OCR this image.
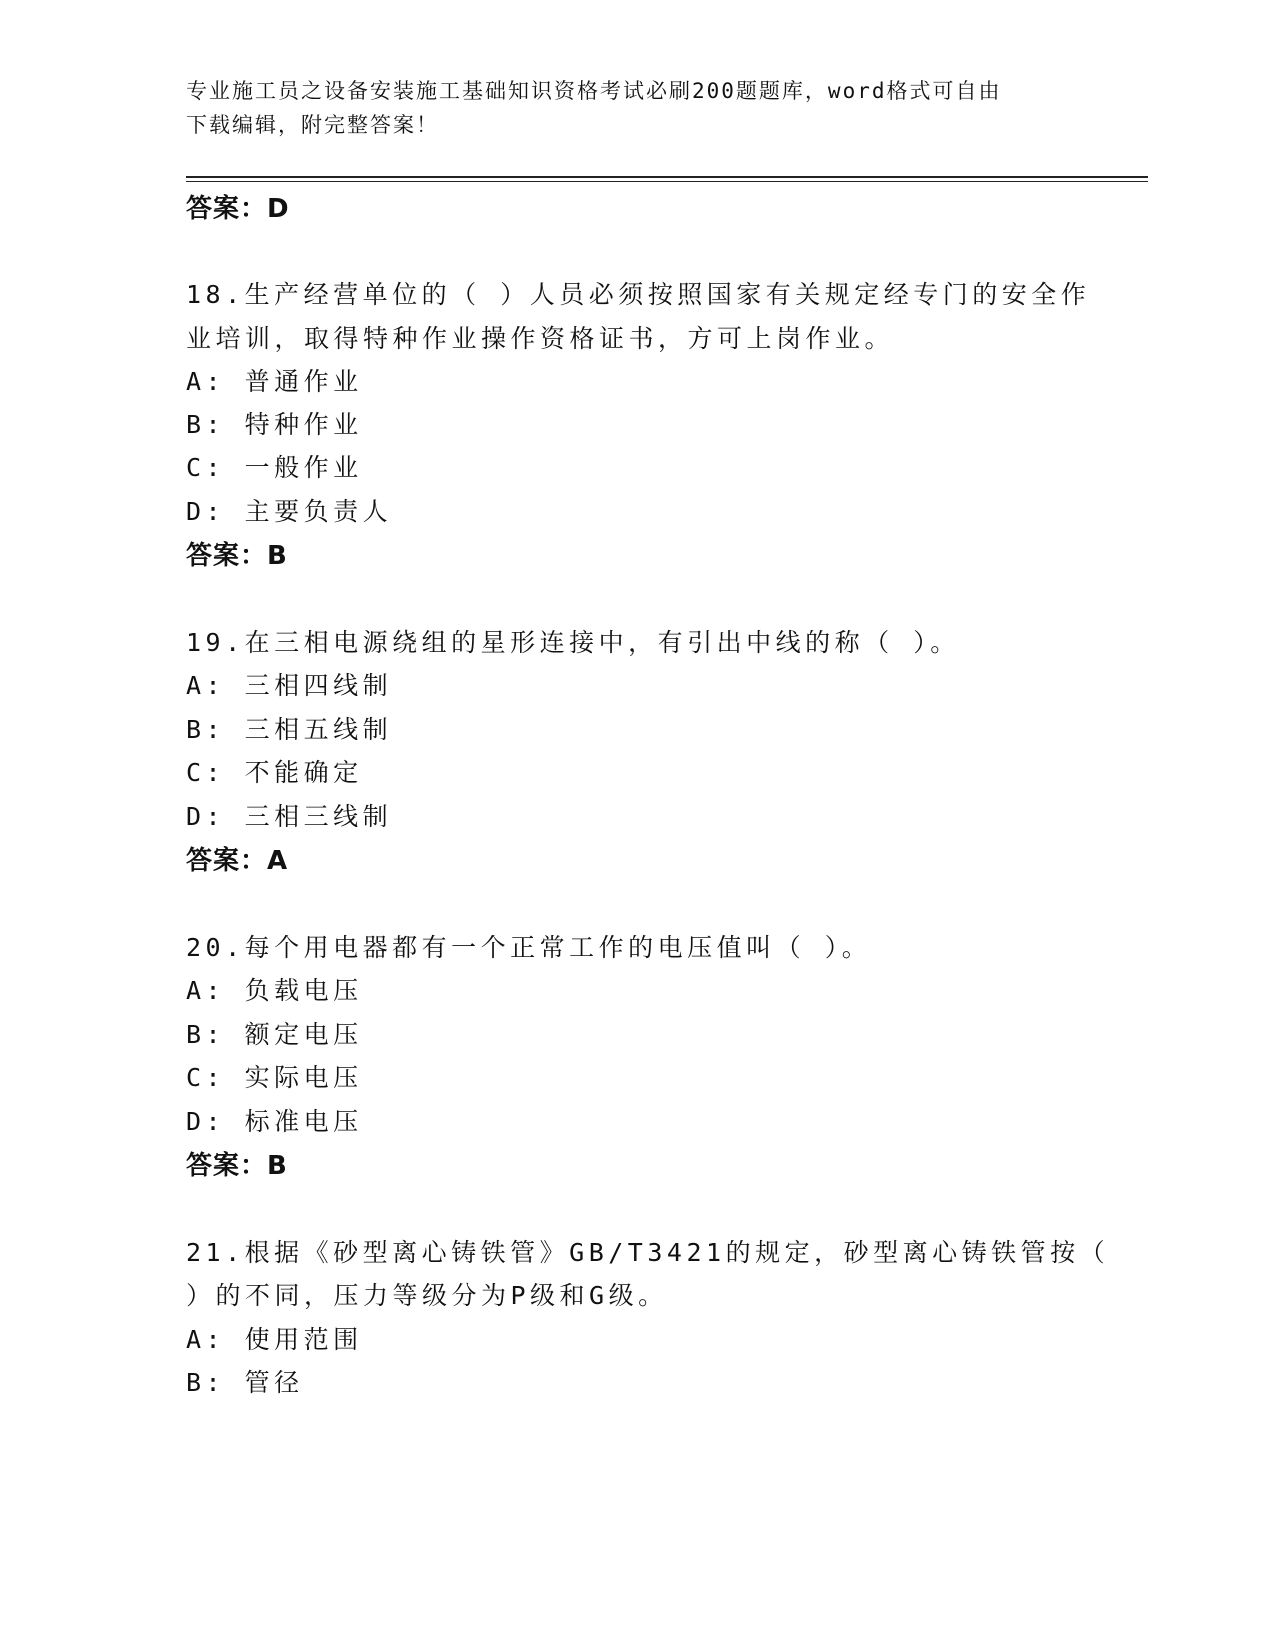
专业施工员之设备安装施工基础知识资格考试必刷200题题库，word格式可自由
下载编辑，附完整答案！
答案：D
18.生产经营单位的（ ）人员必须按照国家有关规定经专门的安全作
业培训，取得特种作业操作资格证书，方可上岗作业。
A: 普通作业
B: 特种作业
C: 一般作业
D: 主要负责人
答案：B
19.在三相电源绕组的星形连接中，有引出中线的称（ ）。
A: 三相四线制
B: 三相五线制
C: 不能确定
D: 三相三线制
答案：A
20.每个用电器都有一个正常工作的电压值叫（ ）。
A: 负载电压
B: 额定电压
C: 实际电压
D: 标准电压
答案：B
21.根据《砂型离心铸铁管》GB/T3421的规定，砂型离心铸铁管按（
）的不同，压力等级分为P级和G级。
A: 使用范围
B: 管径
